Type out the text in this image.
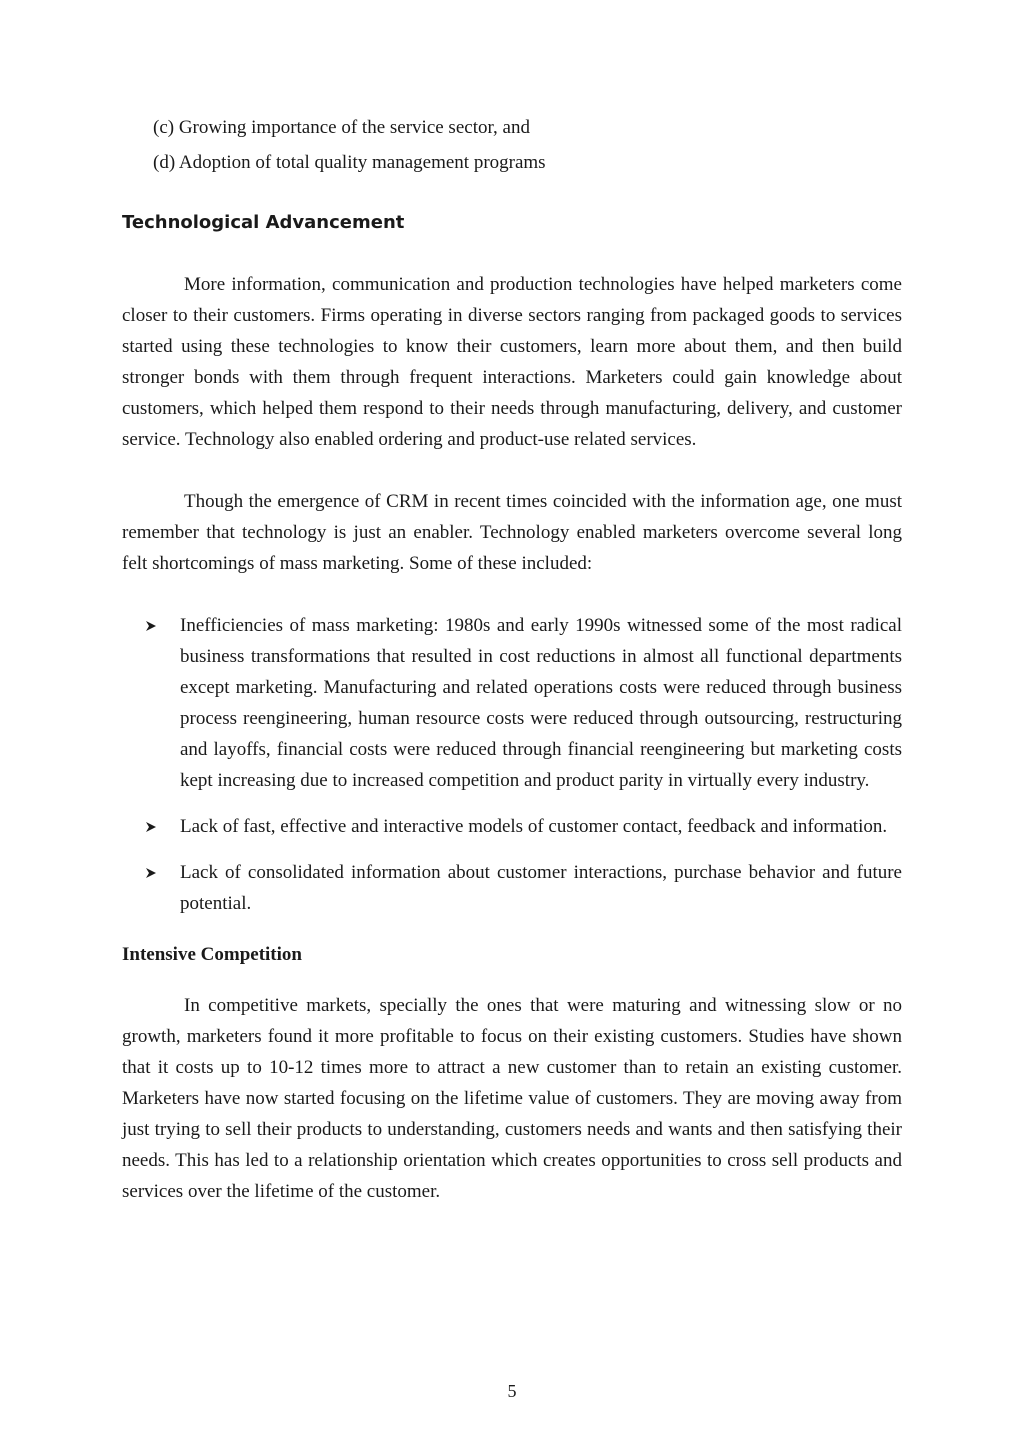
(c) Growing importance of the service sector, and

(d) Adoption of total quality management programs

Technological Advancement

More information, communication and production technologies have helped marketers come closer to their customers. Firms operating in diverse sectors ranging from packaged goods to services started using these technologies to know their customers, learn more about them, and then build stronger bonds with them through frequent interactions. Marketers could gain knowledge about customers, which helped them respond to their needs through manufacturing, delivery, and customer service. Technology also enabled ordering and product-use related services.

Though the emergence of CRM in recent times coincided with the information age, one must remember that technology is just an enabler. Technology enabled marketers overcome several long felt shortcomings of mass marketing. Some of these included:

Inefficiencies of mass marketing: 1980s and early 1990s witnessed some of the most radical business transformations that resulted in cost reductions in almost all functional departments except marketing. Manufacturing and related operations costs were reduced through business process reengineering, human resource costs were reduced through outsourcing, restructuring and layoffs, financial costs were reduced through financial reengineering but marketing costs kept increasing due to increased competition and product parity in virtually every industry.
Lack of fast, effective and interactive models of customer contact, feedback and information.
Lack of consolidated information about customer interactions, purchase behavior and future potential.
Intensive Competition

In competitive markets, specially the ones that were maturing and witnessing slow or no growth, marketers found it more profitable to focus on their existing customers. Studies have shown that it costs up to 10-12 times more to attract a new customer than to retain an existing customer. Marketers have now started focusing on the lifetime value of customers. They are moving away from just trying to sell their products to understanding, customers needs and wants and then satisfying their needs. This has led to a relationship orientation which creates opportunities to cross sell products and services over the lifetime of the customer.

5
